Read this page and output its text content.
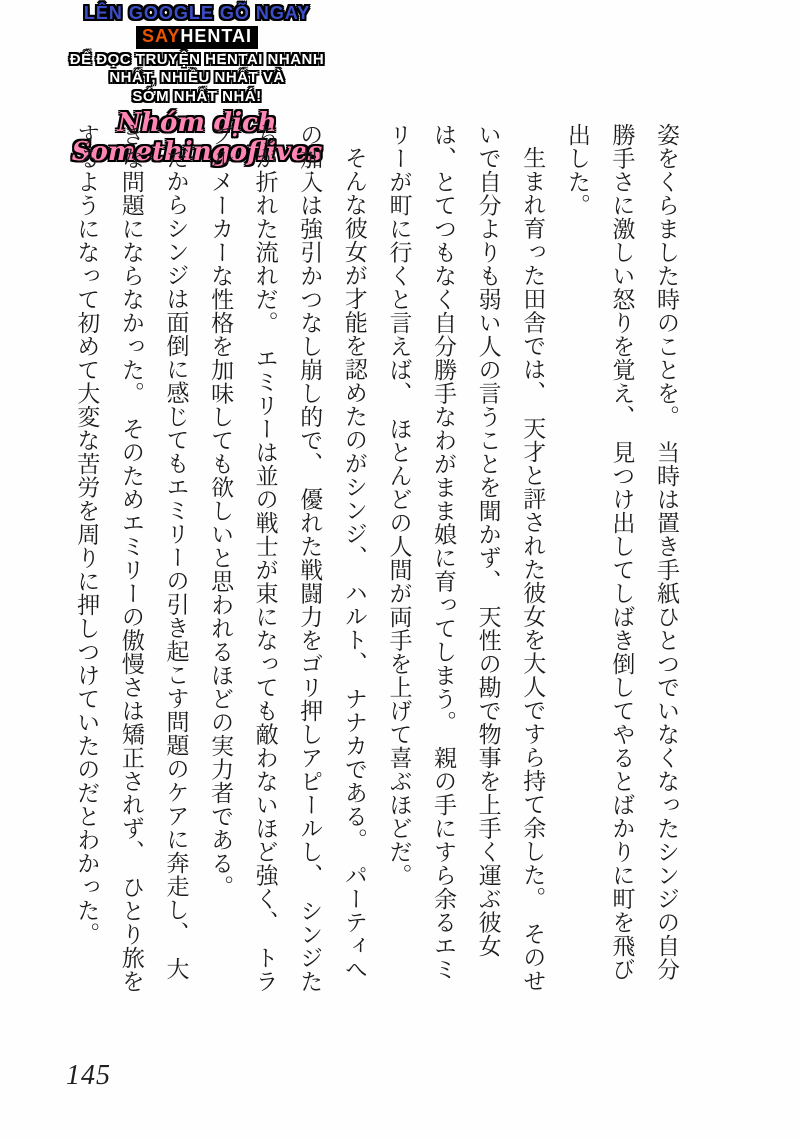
LÊN GOOGLE GÕ NGAY
SAYHENTAI
ĐỂ ĐỌC TRUYỆN HENTAI NHANH
NHẤT, NHIỀU NHẤT VÀ
SỚM NHẤT NHÁ!
Nhóm dịch Somethingoflives	姿をくらました時のことを。　当時は置き手紙ひとつでいなくなったシンジの自分勝手さに激しい怒りを覚え、　見つけ出してしばき倒してやるとばかりに町を飛び出した。

生まれ育った田舎では、　天才と評された彼女を大人ですら持て余した。　そのせいで自分よりも弱い人の言うことを聞かず、　天性の勘で物事を上手く運ぶ彼女は、とてつもなく自分勝手なわがまま娘に育ってしまう。　親の手にすら余るエミリーが町に行くと言えば、　ほとんどの人間が両手を上げて喜ぶほどだ。

そんな彼女が才能を認めたのがシンジ、　ハルト、　ナナカである。　パーティへの加入は強引かつなし崩し的で、　優れた戦闘力をゴリ押しアピールし、　シンジたちが折れた流れだ。　エミリーは並の戦士が束になっても敵わないほど強く、　トラブルメーカーな性格を加味しても欲しいと思われるほどの実力者である。

だからシンジは面倒に感じてもエミリーの引き起こす問題のケアに奔走し、　大きな問題にならなかった。　そのためエミリーの傲慢さは矯正されず、　ひとり旅をするようになって初めて大変な苦労を周りに押しつけていたのだとわかった。

145
